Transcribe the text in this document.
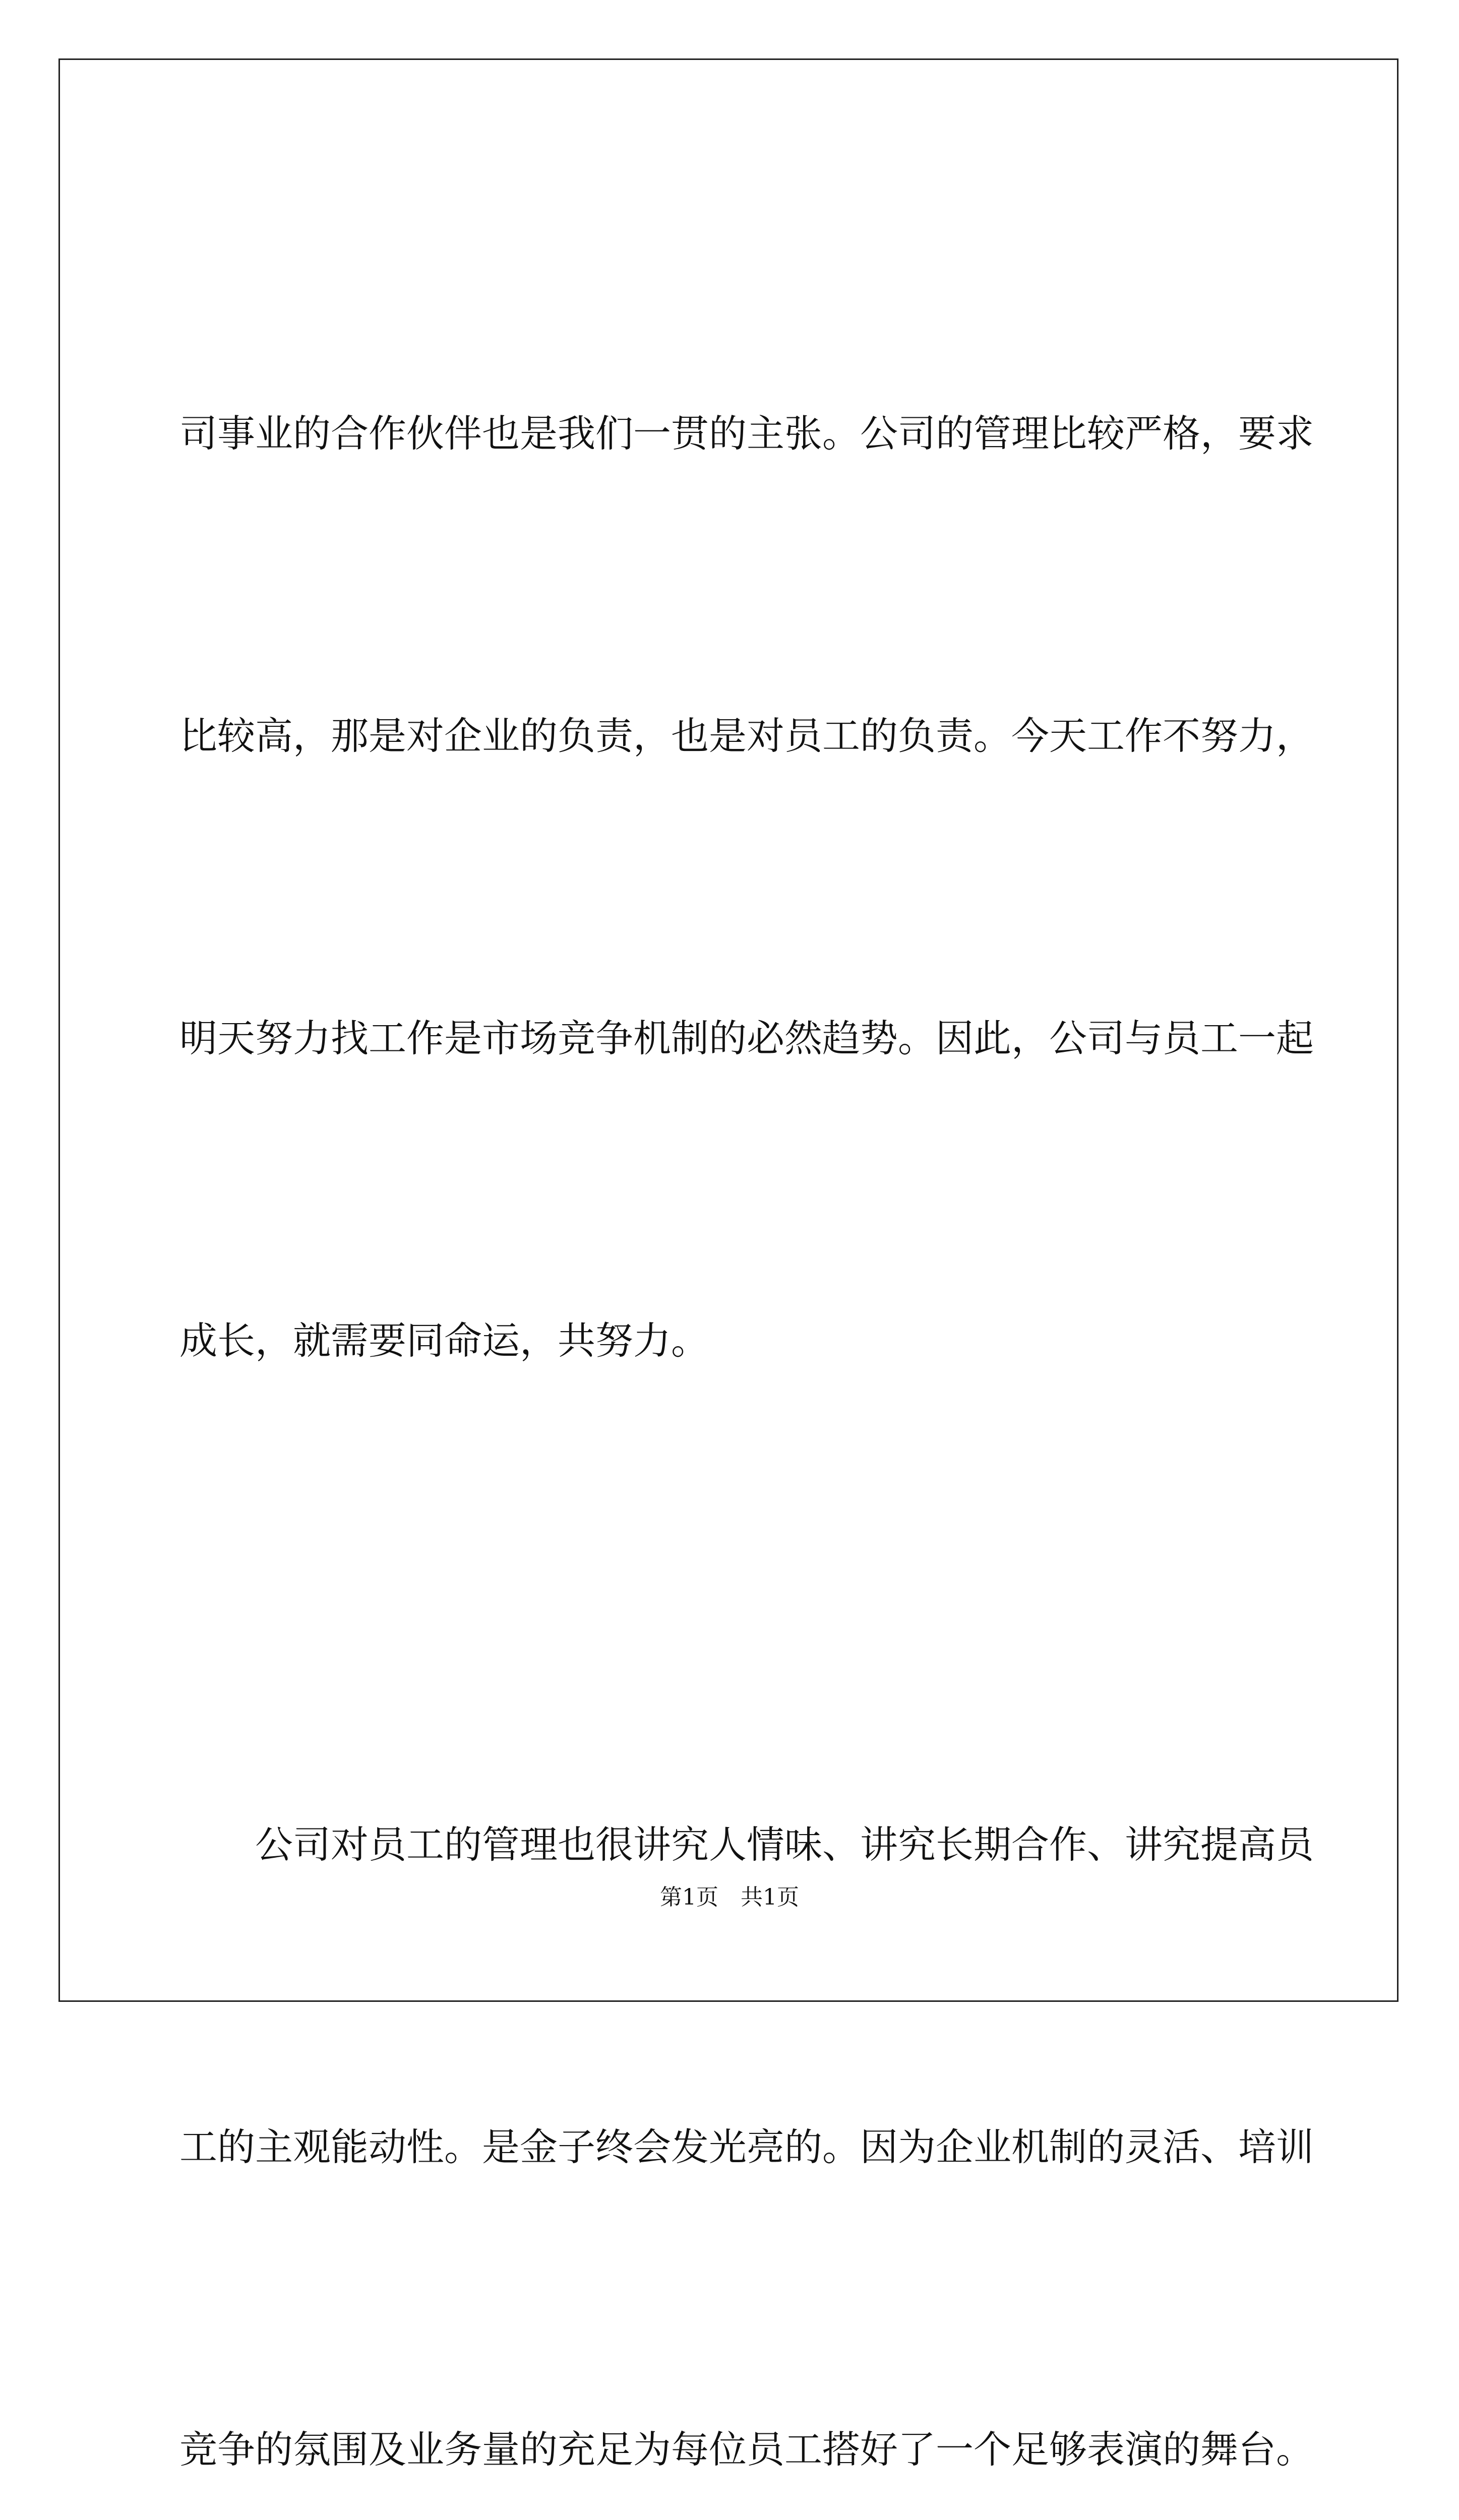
司事业的合作伙伴也是我们一贯的主张。公司的管理比较严格，要求

比较高，那是对企业的负责，也是对员工的负责。今天工作不努力，

明天努力找工作是市场竞争机制的必然趋势。因此，公司与员工一起

成长，就需要同命运，共努力。

　　公司对员工的管理也很讲究人情味、讲究长期合作、讲究提高员

工的主观能动性。是金子终会发光亮的。因为企业机制的灵活、培训

竞争的氛围及业务量的充足为每位员工搭好了一个足够表演的舞台。

第1页　共1页
